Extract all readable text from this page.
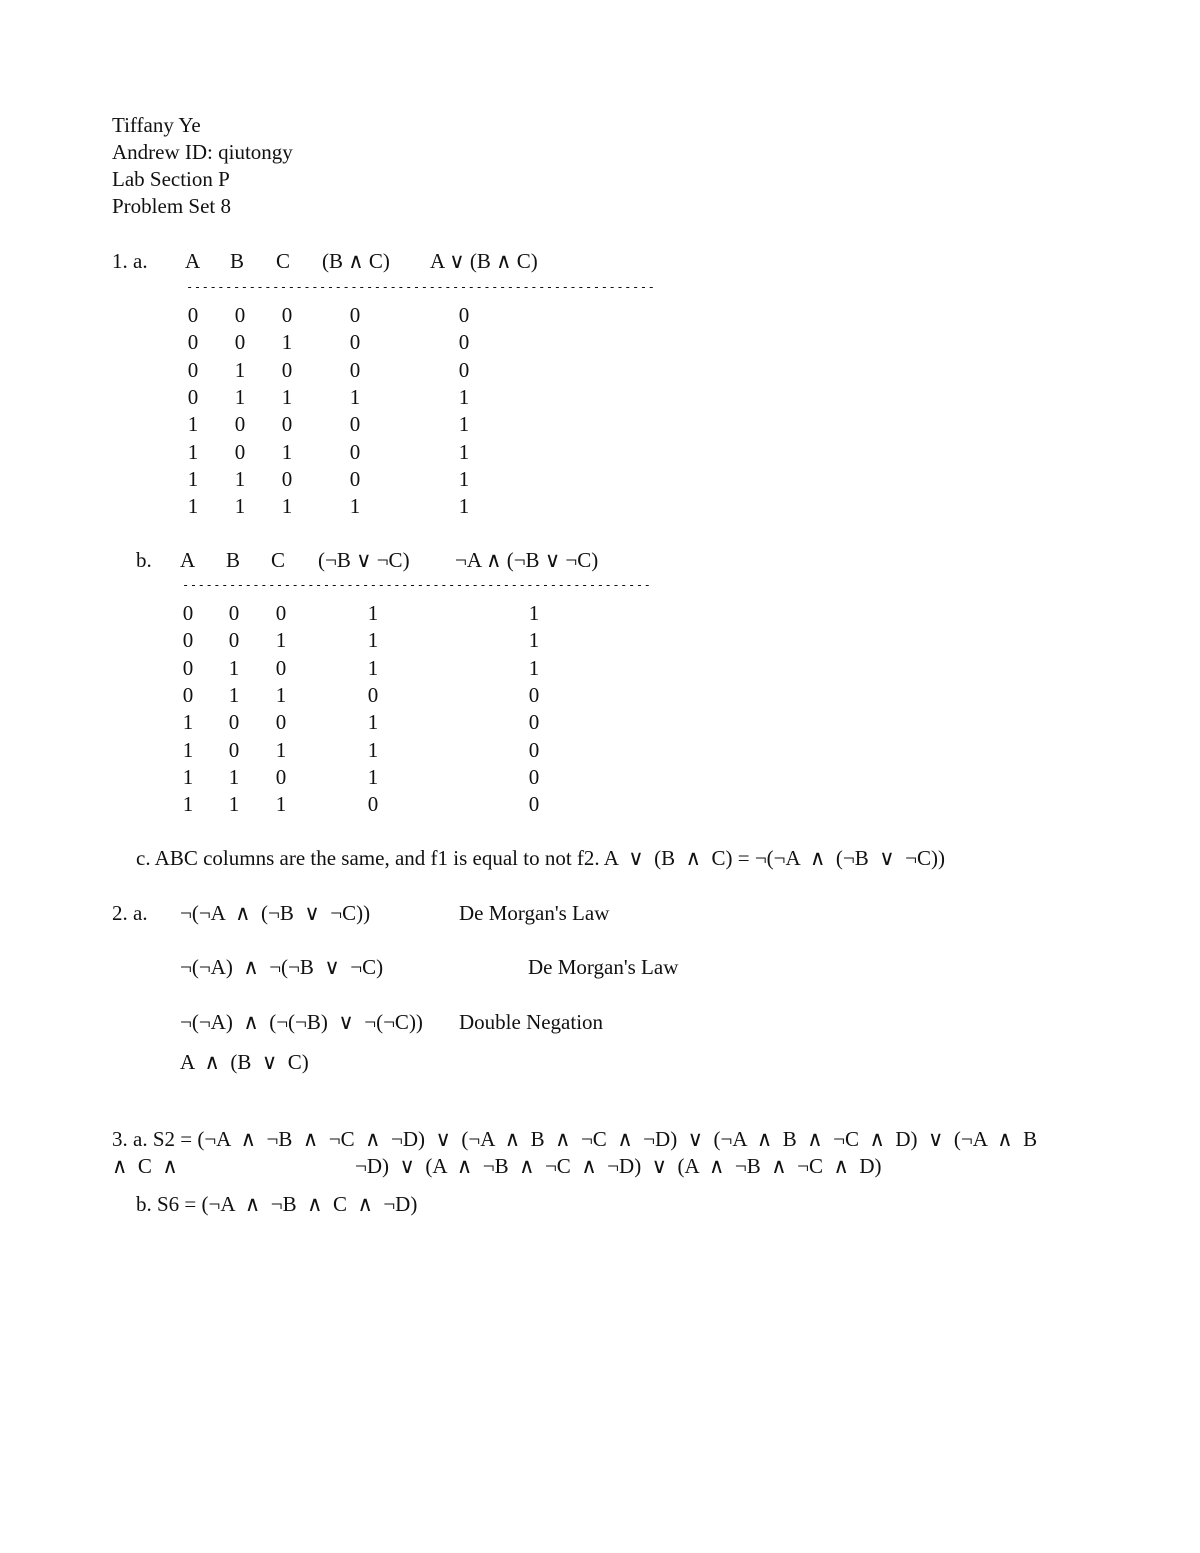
Tiffany Ye
Andrew ID: qiutongy
Lab Section P
Problem Set 8
1. a. A B C (B ∧ C) A ∨ (B ∧ C)
------------------------------------------------------------
0 0 0	0	0
0 0 1	0	0
0 1 0	0	0
0 1 1	1	1
1 0 0	0	1
1 0 1	0	1
1 1 0	0	1
1 1 1	1	1
b. A B C (¬B ∨ ¬C) ¬A ∧ (¬B ∨ ¬C)
------------------------------------------------------------
0 0 0	1	1
0 0 1	1	1
0 1 0	1	1
0 1 1	0	0
1 0 0	1	0
1 0 1	1	0
1 1 0	1	0
1 1 1	0	0
c. ABC columns are the same, and f1 is equal to not f2. A  ∨  (B  ∧  C) = ¬(¬A  ∧  (¬B  ∨  ¬C))
2. a. ¬(¬A  ∧  (¬B  ∨  ¬C))	De Morgan's Law
¬(¬A)  ∧  ¬(¬B  ∨  ¬C)	De Morgan's Law
¬(¬A)  ∧  (¬(¬B)  ∨  ¬(¬C)) Double Negation
A  ∧  (B  ∨  C)
3. a. S2 = (¬A  ∧  ¬B  ∧  ¬C  ∧  ¬D)  ∨  (¬A  ∧  B  ∧  ¬C  ∧  ¬D)  ∨  (¬A  ∧  B  ∧  ¬C  ∧  D)  ∨  (¬A  ∧  B
∧  C  ∧	¬D)  ∨  (A  ∧  ¬B  ∧  ¬C  ∧  ¬D)  ∨  (A  ∧  ¬B  ∧  ¬C  ∧  D)
b. S6 = (¬A  ∧  ¬B  ∧  C  ∧  ¬D)
